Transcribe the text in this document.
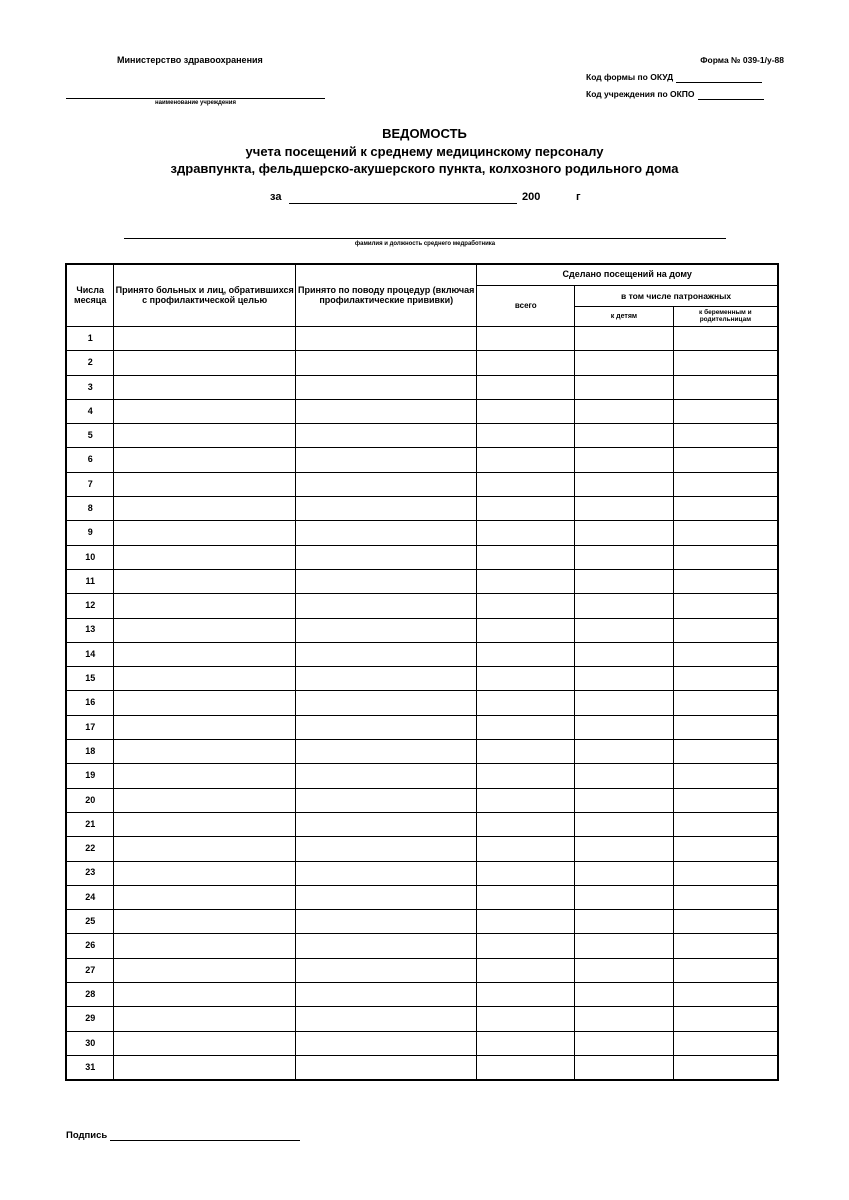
Министерство здравоохранения
наименование учреждения
Форма № 039-1/у-88
Код формы по ОКУД
Код учреждения по ОКПО
ВЕДОМОСТЬ
учета посещений к среднему медицинскому персоналу
здравпункта, фельдшерско-акушерского пункта, колхозного родильного дома
за	200	г
фамилия и должность среднего медработника
Числа месяца	Принято больных и лиц, обратившихся с профилактической целью	Принято по поводу процедур (включая профилактические прививки)	Сделано посещений на дому		
			всего	в том числе патронажных	
				к детям	к беременным и родительницам
1					
2					
3					
4					
5					
6					
7					
8					
9					
10					
11					
12					
13					
14					
15					
16					
17					
18					
19					
20					
21					
22					
23					
24					
25					
26					
27					
28					
29					
30					
31					
Подпись
